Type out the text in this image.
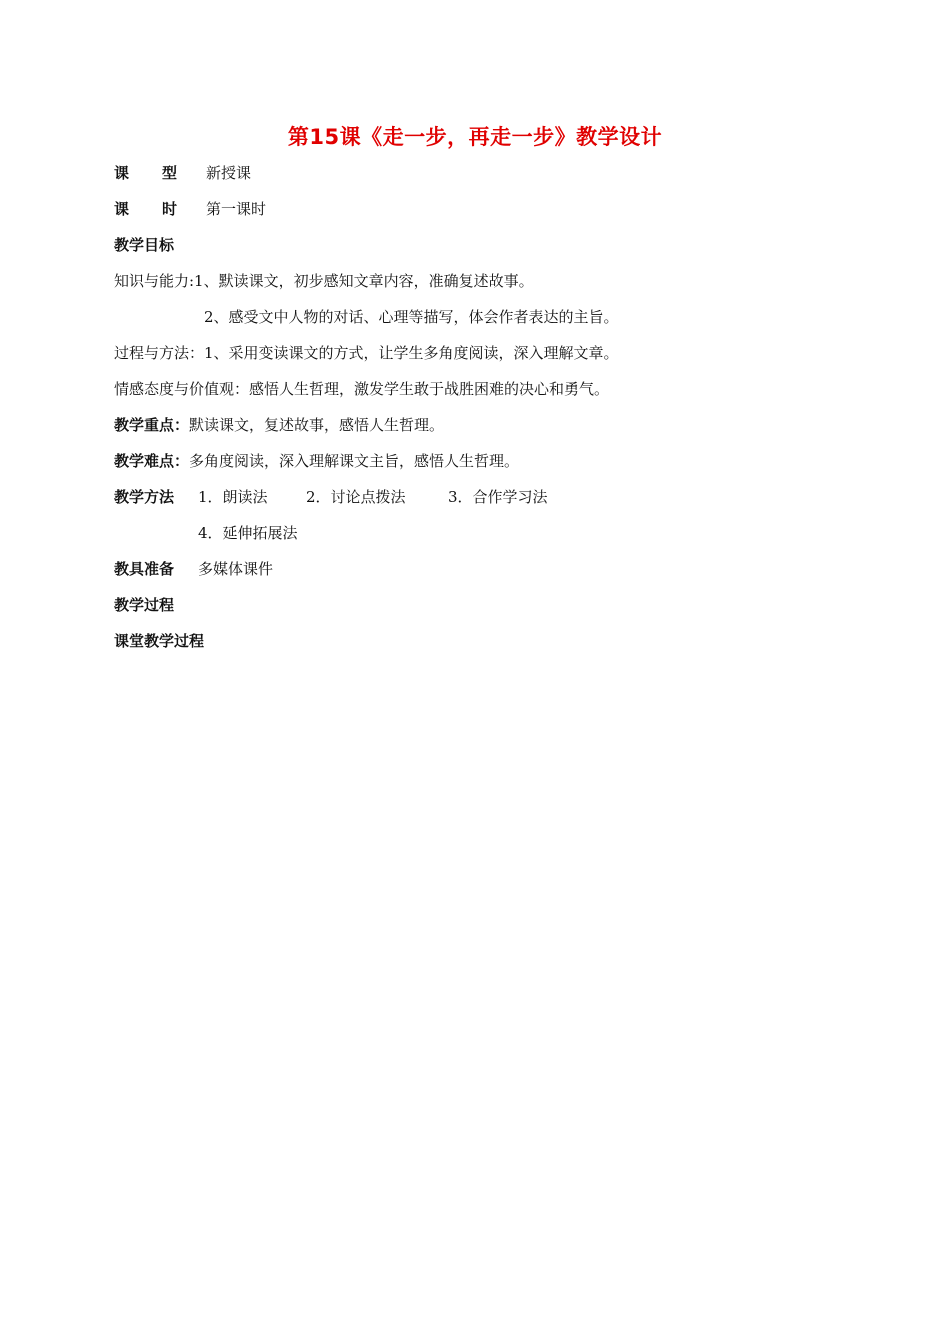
第15课《走一步，再走一步》教学设计
课 型 新授课
课 时 第一课时
教学目标
知识与能力:1、默读课文，初步感知文章内容，准确复述故事。
2、感受文中人物的对话、心理等描写，体会作者表达的主旨。
过程与方法：1、采用变读课文的方式，让学生多角度阅读，深入理解文章。
情感态度与价值观：感悟人生哲理，激发学生敢于战胜困难的决心和勇气。
教学重点：默读课文，复述故事，感悟人生哲理。
教学难点：多角度阅读，深入理解课文主旨，感悟人生哲理。
教学方法 1．朗读法	2．讨论点拨法	3．合作学习法
4．延伸拓展法
教具准备 多媒体课件
教学过程
课堂教学过程
